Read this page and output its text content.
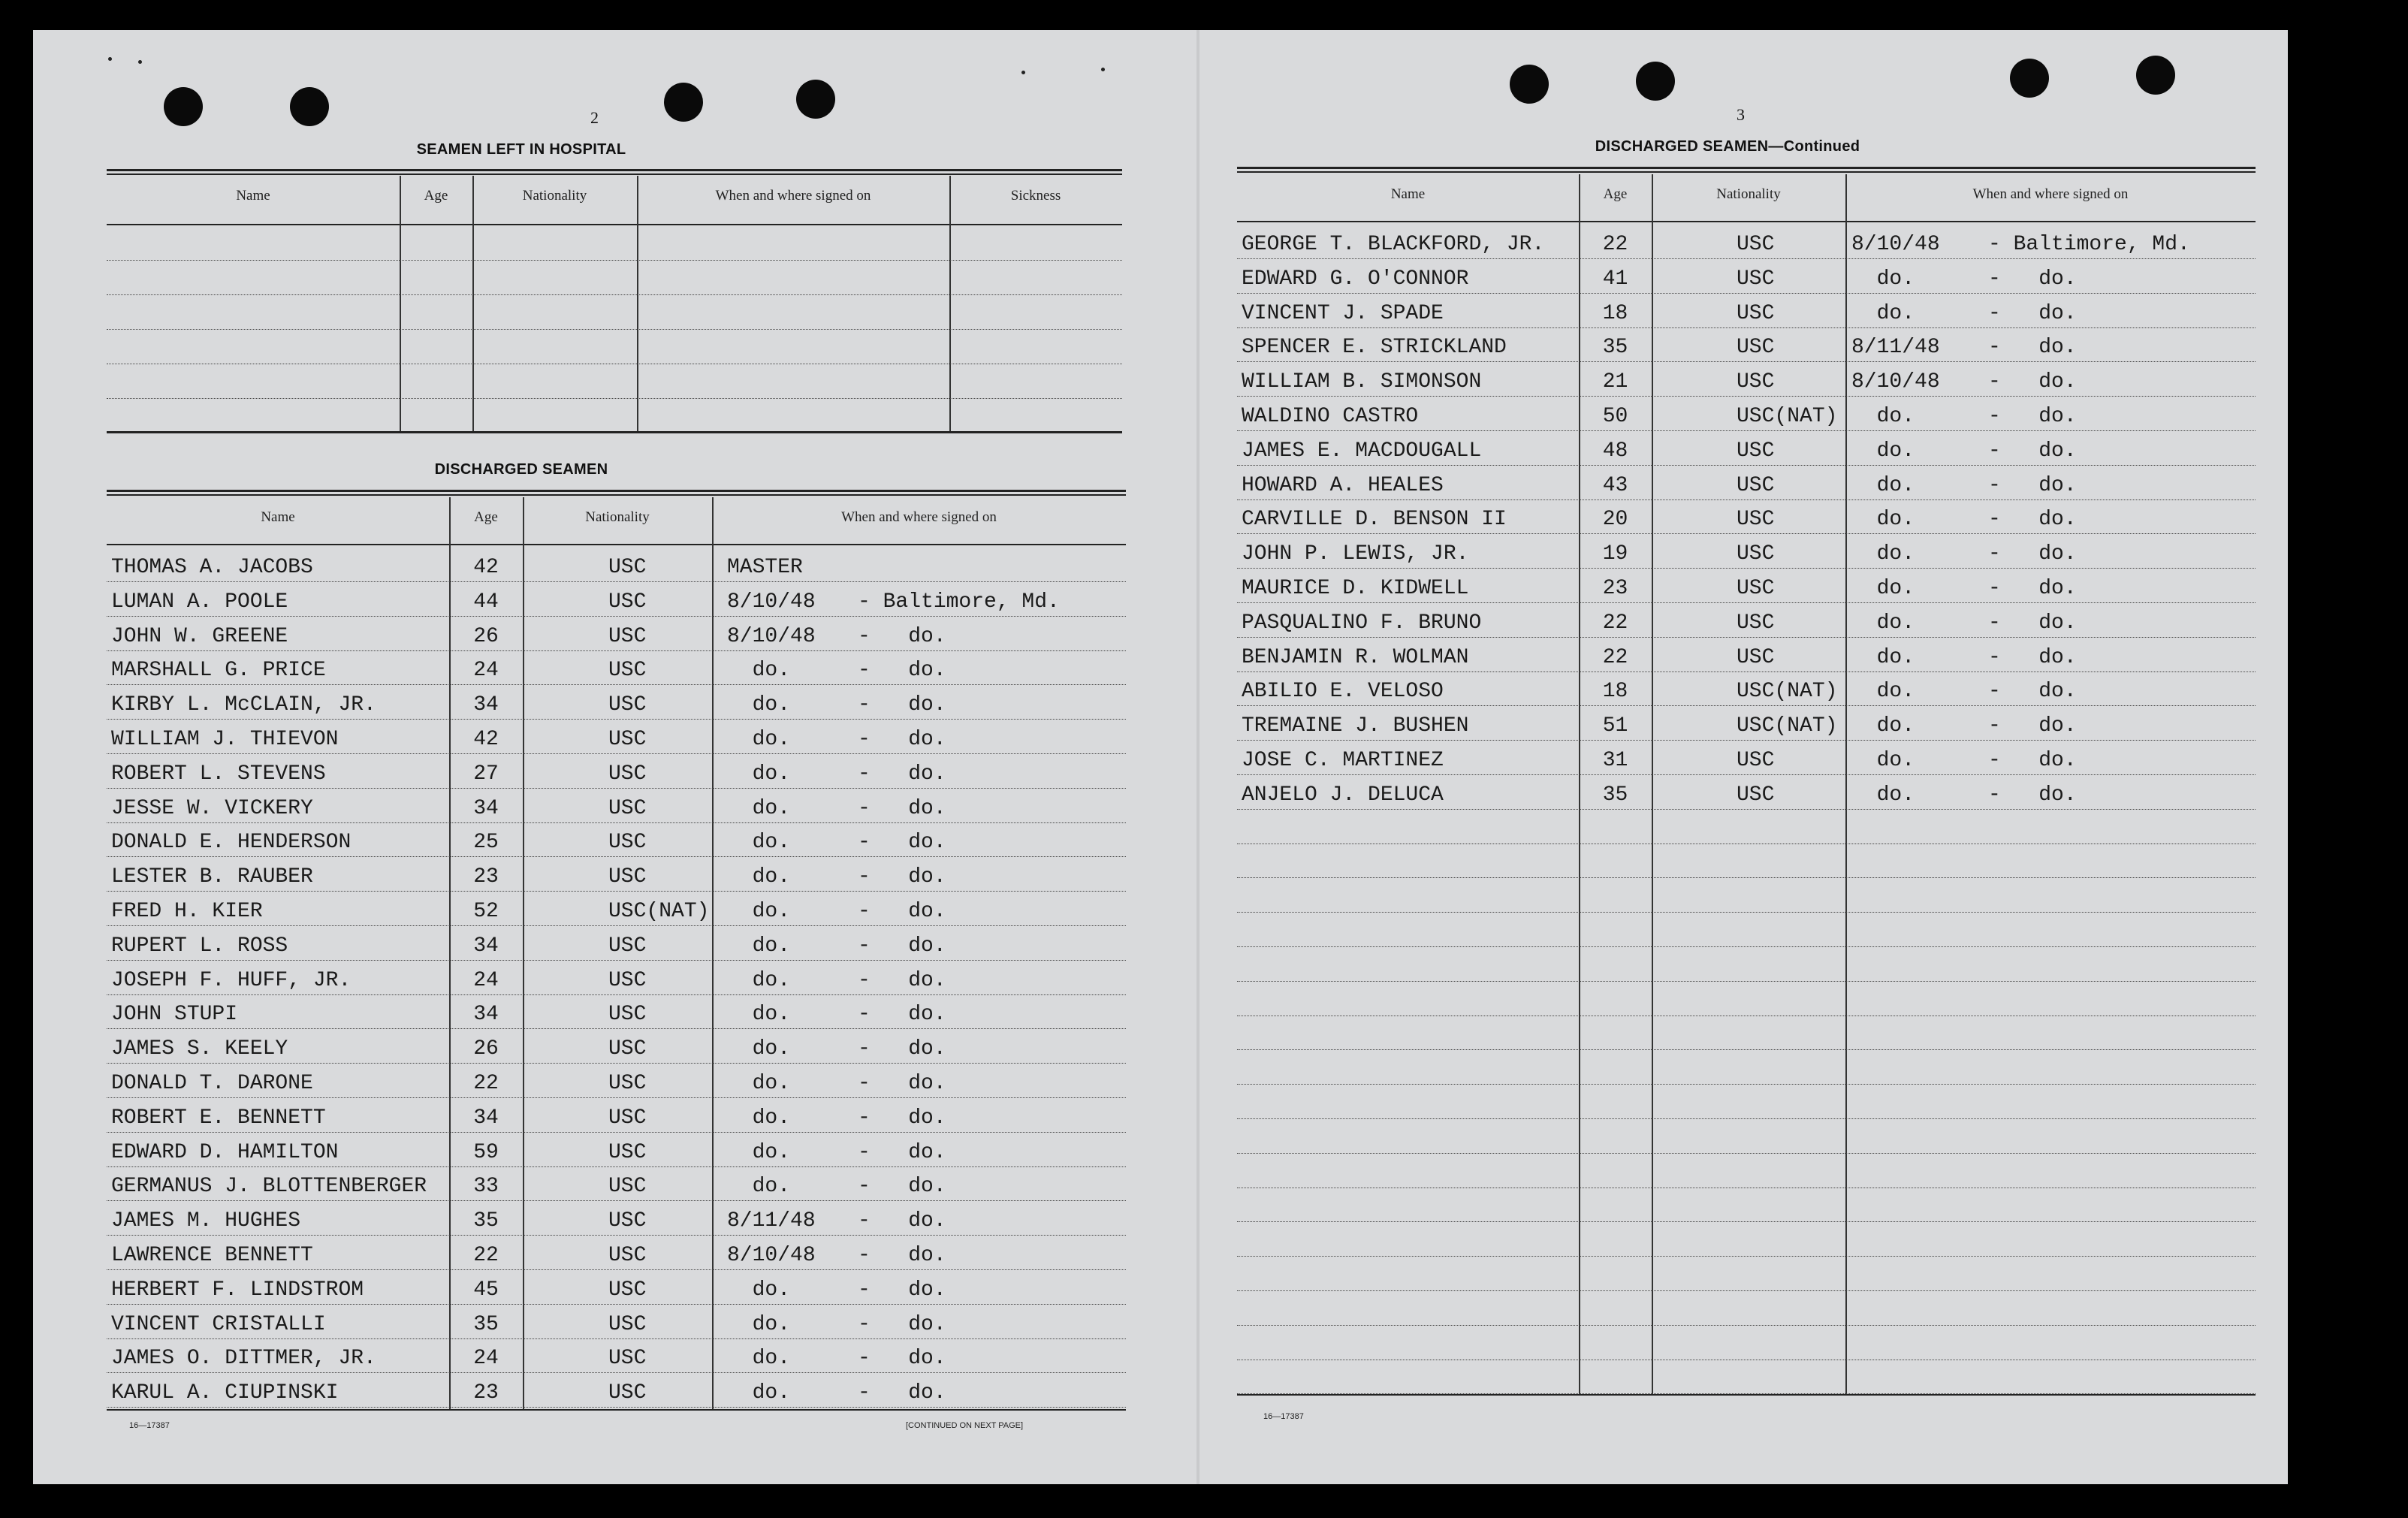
2
SEAMEN LEFT IN HOSPITAL
Name	Age	Nationality	When and where signed on	Sickness
DISCHARGED SEAMEN
Name	Age	Nationality	When and where signed on
THOMAS A. JACOBS	42	USC	MASTER
LUMAN A. POOLE	44	USC	8/10/48	- Baltimore, Md.
JOHN W. GREENE	26	USC	8/10/48	-   do.
MARSHALL G. PRICE	24	USC	do.	-   do.
KIRBY L. McCLAIN, JR.	34	USC	do.	-   do.
WILLIAM J. THIEVON	42	USC	do.	-   do.
ROBERT L. STEVENS	27	USC	do.	-   do.
JESSE W. VICKERY	34	USC	do.	-   do.
DONALD E. HENDERSON	25	USC	do.	-   do.
LESTER B. RAUBER	23	USC	do.	-   do.
FRED H. KIER	52	USC(NAT) do.	-   do.
RUPERT L. ROSS	34	USC	do.	-   do.
JOSEPH F. HUFF, JR.	24	USC	do.	-   do.
JOHN STUPI	34	USC	do.	-   do.
JAMES S. KEELY	26	USC	do.	-   do.
DONALD T. DARONE	22	USC	do.	-   do.
ROBERT E. BENNETT	34	USC	do.	-   do.
EDWARD D. HAMILTON	59	USC	do.	-   do.
GERMANUS J. BLOTTENBERGER	33	USC	do.	-   do.
JAMES M. HUGHES	35	USC	8/11/48	-   do.
LAWRENCE BENNETT	22	USC	8/10/48	-   do.
HERBERT F. LINDSTROM	45	USC	do.	-   do.
VINCENT CRISTALLI	35	USC	do.	-   do.
JAMES O. DITTMER, JR.	24	USC	do.	-   do.
KARUL A. CIUPINSKI	23	USC	do.	-   do.
16—17387	[CONTINUED ON NEXT PAGE]
3
DISCHARGED SEAMEN—Continued
Name	Age	Nationality	When and where signed on
GEORGE T. BLACKFORD, JR.	22	USC	8/10/48	- Baltimore, Md.
EDWARD G. O'CONNOR	41	USC	do.	-   do.
VINCENT J. SPADE	18	USC	do.	-   do.
SPENCER E. STRICKLAND	35	USC	8/11/48	-   do.
WILLIAM B. SIMONSON	21	USC	8/10/48	-   do.
WALDINO CASTRO	50	USC(NAT) do.	-   do.
JAMES E. MACDOUGALL	48	USC	do.	-   do.
HOWARD A. HEALES	43	USC	do.	-   do.
CARVILLE D. BENSON II	20	USC	do.	-   do.
JOHN P. LEWIS, JR.	19	USC	do.	-   do.
MAURICE D. KIDWELL	23	USC	do.	-   do.
PASQUALINO F. BRUNO	22	USC	do.	-   do.
BENJAMIN R. WOLMAN	22	USC	do.	-   do.
ABILIO E. VELOSO	18	USC(NAT) do.	-   do.
TREMAINE J. BUSHEN	51	USC(NAT) do.	-   do.
JOSE C. MARTINEZ	31	USC	do.	-   do.
ANJELO J. DELUCA	35	USC	do.	-   do.
16—17387
